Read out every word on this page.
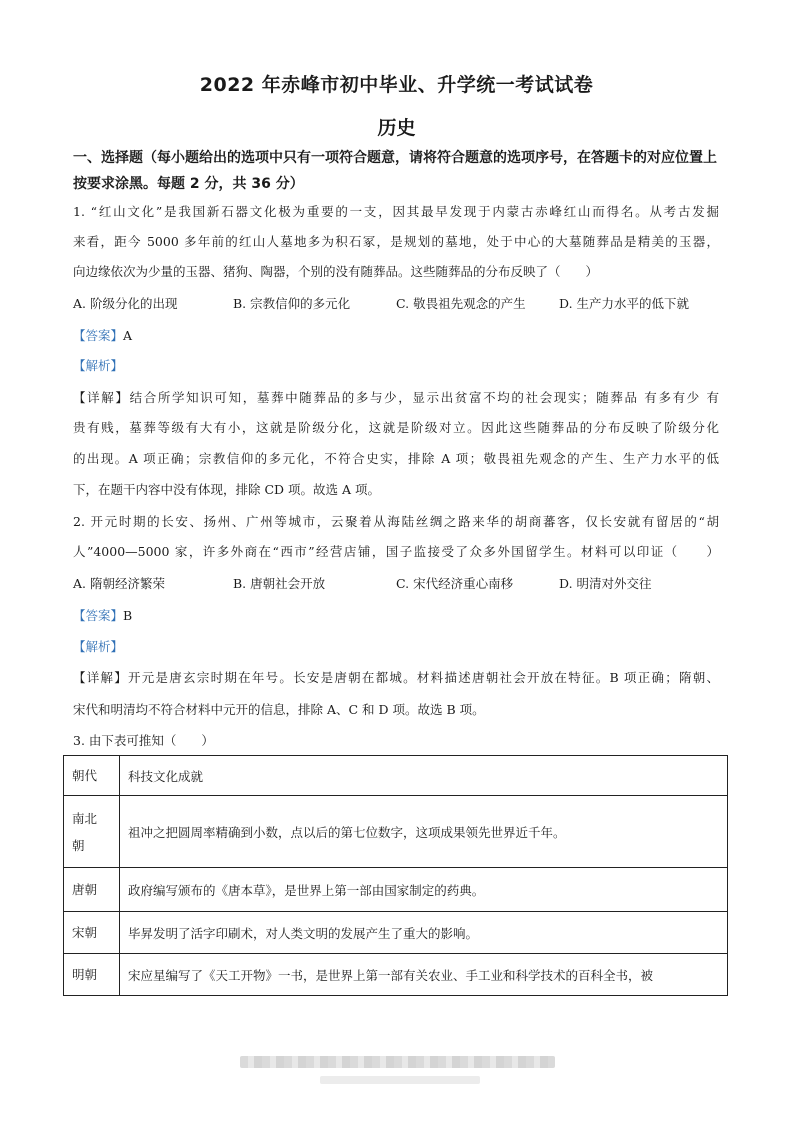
2022 年赤峰市初中毕业、升学统一考试试卷
历史
一、选择题（每小题给出的选项中只有一项符合题意，请将符合题意的选项序号，在答题卡的对应位置上按要求涂黑。每题 2 分，共 36 分）
1. “红山文化”是我国新石器文化极为重要的一支，因其最早发现于内蒙古赤峰红山而得名。从考古发掘
来看，距今 5000 多年前的红山人墓地多为积石冢，是规划的墓地，处于中心的大墓随葬品是精美的玉器，
向边缘依次为少量的玉器、猪狗、陶器，个别的没有随葬品。这些随葬品的分布反映了（　　）
A. 阶级分化的出现	B. 宗教信仰的多元化	C. 敬畏祖先观念的产生	D. 生产力水平的低下就
【答案】A
【解析】
【详解】结合所学知识可知，墓葬中随葬品的多与少，显示出贫富不均的社会现实；随葬品 有多有少 有
贵有贱，墓葬等级有大有小，这就是阶级分化，这就是阶级对立。因此这些随葬品的分布反映了阶级分化
的出现。A 项正确；宗教信仰的多元化，不符合史实，排除 A 项；敬畏祖先观念的产生、生产力水平的低
下，在题干内容中没有体现，排除 CD 项。故选 A 项。
2. 开元时期的长安、扬州、广州等城市，云聚着从海陆丝绸之路来华的胡商蕃客，仅长安就有留居的“胡
人”4000—5000 家，许多外商在“西市”经营店铺，国子监接受了众多外国留学生。材料可以印证（　　）
A. 隋朝经济繁荣	B. 唐朝社会开放	C. 宋代经济重心南移	D. 明清对外交往
【答案】B
【解析】
【详解】开元是唐玄宗时期在年号。长安是唐朝在都城。材料描述唐朝社会开放在特征。B 项正确；隋朝、
宋代和明清均不符合材料中元开的信息，排除 A、C 和 D 项。故选 B 项。
3. 由下表可推知（　　）
朝代	科技文化成就

南北
朝	祖冲之把圆周率精确到小数，点以后的第七位数字，这项成果领先世界近千年。
唐朝	政府编写颁布的《唐本草》，是世界上第一部由国家制定的药典。
宋朝	毕昇发明了活字印刷术，对人类文明的发展产生了重大的影响。
明朝	宋应星编写了《天工开物》一书，是世界上第一部有关农业、手工业和科学技术的百科全书，被
